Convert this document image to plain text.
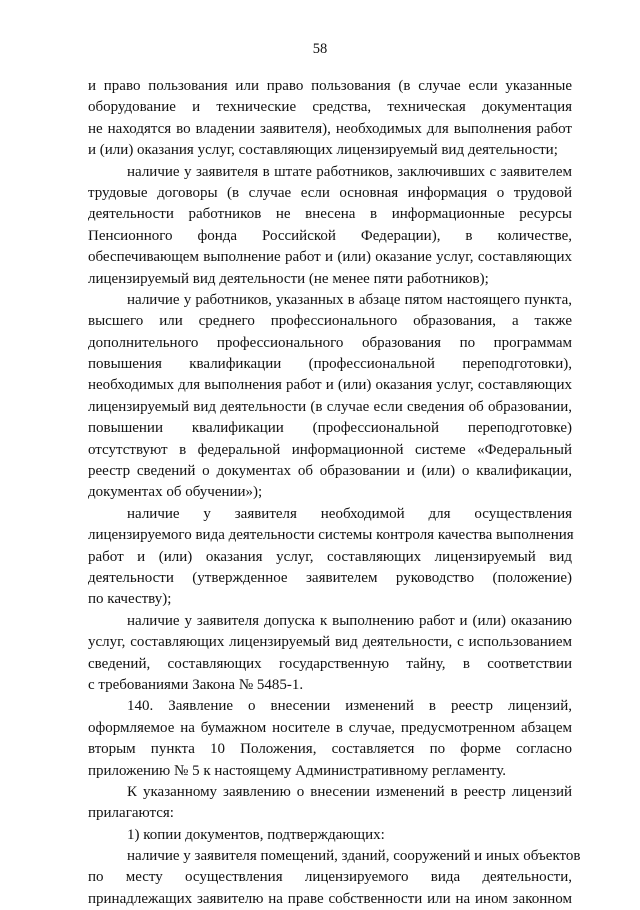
58
и право пользования или право пользования (в случае если указанные
оборудование и технические средства, техническая документация
не находятся во владении заявителя), необходимых для выполнения работ
и (или) оказания услуг, составляющих лицензируемый вид деятельности;
наличие у заявителя в штате работников, заключивших с заявителем
трудовые договоры (в случае если основная информация о трудовой
деятельности работников не внесена в информационные ресурсы
Пенсионного фонда Российской Федерации), в количестве,
обеспечивающем выполнение работ и (или) оказание услуг, составляющих
лицензируемый вид деятельности (не менее пяти работников);
наличие у работников, указанных в абзаце пятом настоящего пункта,
высшего или среднего профессионального образования, а также
дополнительного профессионального образования по программам
повышения квалификации (профессиональной переподготовки),
необходимых для выполнения работ и (или) оказания услуг, составляющих
лицензируемый вид деятельности (в случае если сведения об образовании,
повышении квалификации (профессиональной переподготовке)
отсутствуют в федеральной информационной системе «Федеральный
реестр сведений о документах об образовании и (или) о квалификации,
документах об обучении»);
наличие у заявителя необходимой для осуществления
лицензируемого вида деятельности системы контроля качества выполнения
работ и (или) оказания услуг, составляющих лицензируемый вид
деятельности (утвержденное заявителем руководство (положение)
по качеству);
наличие у заявителя допуска к выполнению работ и (или) оказанию
услуг, составляющих лицензируемый вид деятельности, с использованием
сведений, составляющих государственную тайну, в соответствии
с требованиями Закона № 5485-1.
140. Заявление о внесении изменений в реестр лицензий,
оформляемое на бумажном носителе в случае, предусмотренном абзацем
вторым пункта 10 Положения, составляется по форме согласно
приложению № 5 к настоящему Административному регламенту.
К указанному заявлению о внесении изменений в реестр лицензий
прилагаются:
1) копии документов, подтверждающих:
наличие у заявителя помещений, зданий, сооружений и иных объектов
по месту осуществления лицензируемого вида деятельности,
принадлежащих заявителю на праве собственности или на ином законном
